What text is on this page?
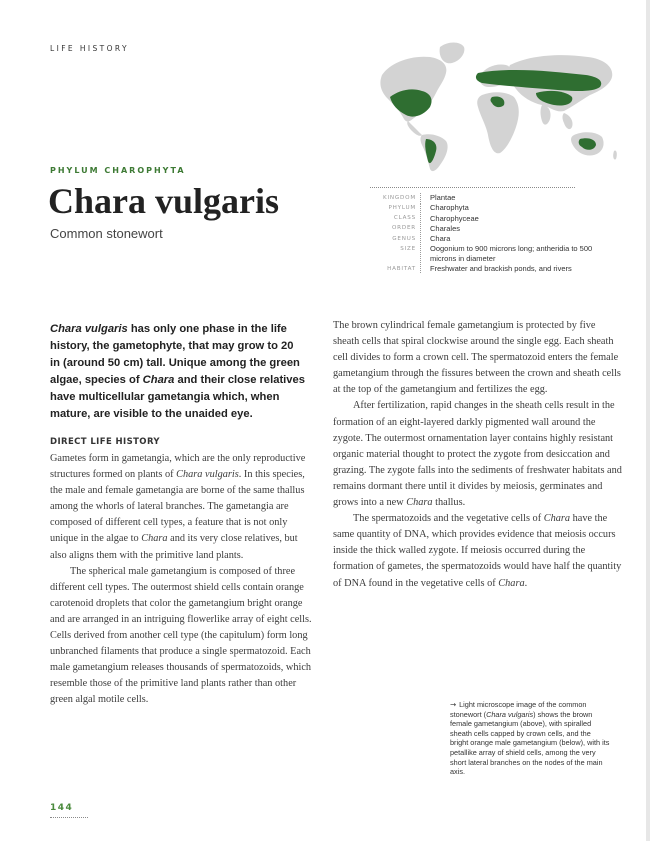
LIFE HISTORY
PHYLUM CHAROPHYTA
Chara vulgaris
Common stonewort
KINGDOM	Plantae
PHYLUM	Charophyta
CLASS	Charophyceae
ORDER	Charales
GENUS	Chara
SIZE	Oogonium to 900 microns long; antheridia to 500 microns in diameter
HABITAT	Freshwater and brackish ponds, and rivers

Chara vulgaris has only one phase in the life history, the gametophyte, that may grow to 20 in (around 50 cm) tall. Unique among the green algae, species of Chara and their close relatives have multicellular gametangia which, when mature, are visible to the unaided eye.

DIRECT LIFE HISTORY

Gametes form in gametangia, which are the only reproductive structures formed on plants of Chara vulgaris. In this species, the male and female gametangia are borne of the same thallus among the whorls of lateral branches. The gametangia are composed of different cell types, a feature that is not only unique in the algae to Chara and its very close relatives, but also aligns them with the primitive land plants.

The spherical male gametangium is composed of three different cell types. The outermost shield cells contain orange carotenoid droplets that color the gametangium bright orange and are arranged in an intriguing flowerlike array of eight cells. Cells derived from another cell type (the capitulum) form long unbranched filaments that produce a single spermatozoid. Each male gametangium releases thousands of spermatozoids, which resemble those of the primitive land plants rather than other green algal motile cells.

The brown cylindrical female gametangium is protected by five sheath cells that spiral clockwise around the single egg. Each sheath cell divides to form a crown cell. The spermatozoid enters the female gametangium through the fissures between the crown and sheath cells at the top of the gametangium and fertilizes the egg.

After fertilization, rapid changes in the sheath cells result in the formation of an eight-layered darkly pigmented wall around the zygote. The outermost ornamentation layer contains highly resistant organic material thought to protect the zygote from desiccation and grazing. The zygote falls into the sediments of freshwater habitats and remains dormant there until it divides by meiosis, germinates and grows into a new Chara thallus.

The spermatozoids and the vegetative cells of Chara have the same quantity of DNA, which provides evidence that meiosis occurs inside the thick walled zygote. If meiosis occurred during the formation of gametes, the spermatozoids would have half the quantity of DNA found in the vegetative cells of Chara.

→ Light microscope image of the common stonewort (Chara vulgaris) shows the brown female gametangium (above), with spiralled sheath cells capped by crown cells, and the bright orange male gametangium (below), with its petallike array of shield cells, among the very short lateral branches on the nodes of the main axis.

144
